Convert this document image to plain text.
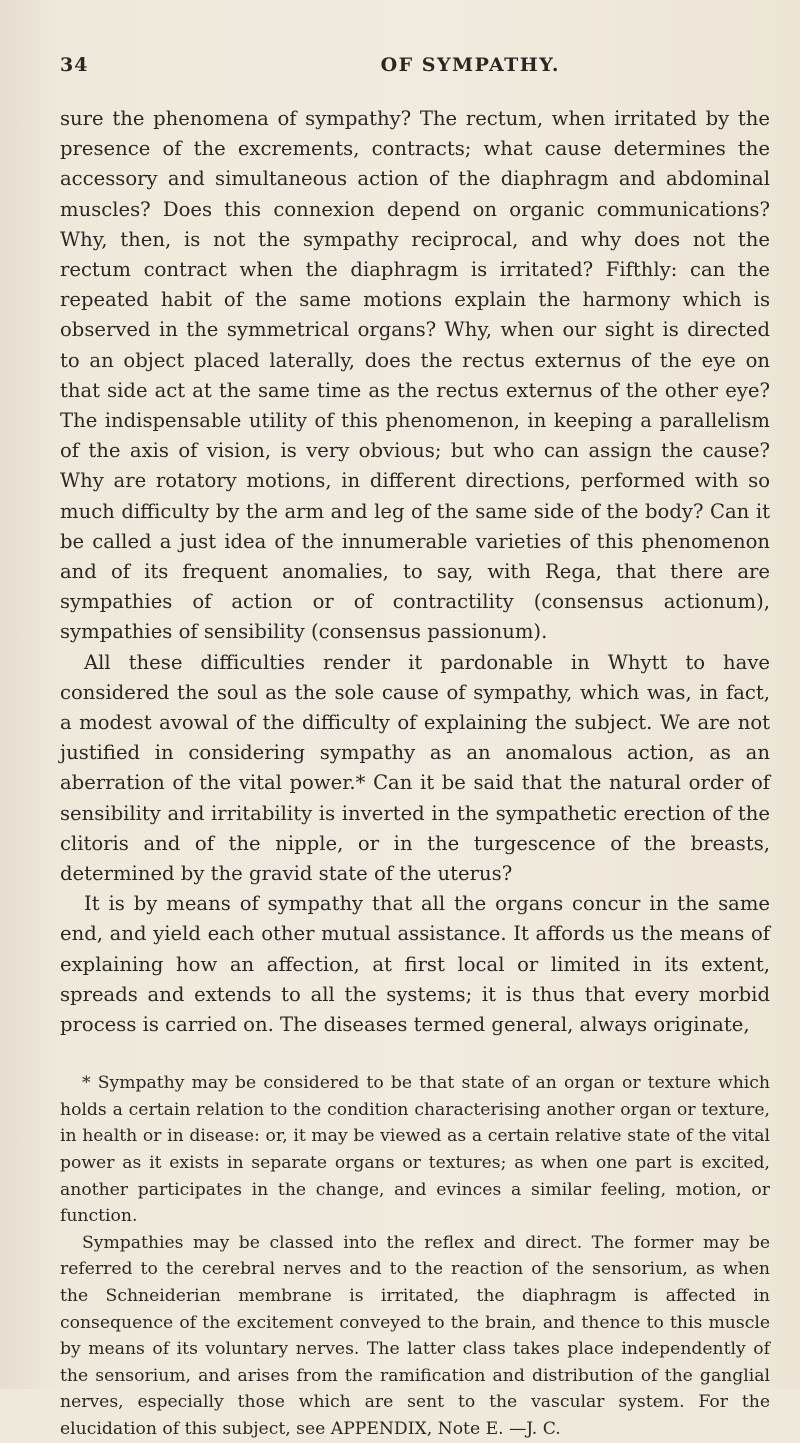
34	OF SYMPATHY.

sure the phenomena of sympathy? The rectum, when irritated by the presence of the excrements, contracts; what cause determines the accessory and simultaneous action of the diaphragm and abdominal muscles? Does this connexion depend on organic communications? Why, then, is not the sympathy reciprocal, and why does not the rectum contract when the diaphragm is irritated? Fifthly: can the repeated habit of the same motions explain the harmony which is observed in the symmetrical organs? Why, when our sight is directed to an object placed laterally, does the rectus externus of the eye on that side act at the same time as the rectus externus of the other eye? The indispensable utility of this phenomenon, in keeping a parallelism of the axis of vision, is very obvious; but who can assign the cause? Why are rotatory motions, in different directions, performed with so much difficulty by the arm and leg of the same side of the body? Can it be called a just idea of the innumerable varieties of this phenomenon and of its frequent anomalies, to say, with Rega, that there are sympathies of action or of contractility (consensus actionum), sympathies of sensibility (consensus passionum).

All these difficulties render it pardonable in Whytt to have considered the soul as the sole cause of sympathy, which was, in fact, a modest avowal of the difficulty of explaining the subject. We are not justified in considering sympathy as an anomalous action, as an aberration of the vital power.* Can it be said that the natural order of sensibility and irritability is inverted in the sympathetic erection of the clitoris and of the nipple, or in the turgescence of the breasts, determined by the gravid state of the uterus?

It is by means of sympathy that all the organs concur in the same end, and yield each other mutual assistance. It affords us the means of explaining how an affection, at first local or limited in its extent, spreads and extends to all the systems; it is thus that every morbid process is carried on. The diseases termed general, always originate,

* Sympathy may be considered to be that state of an organ or texture which holds a certain relation to the condition characterising another organ or texture, in health or in disease: or, it may be viewed as a certain relative state of the vital power as it exists in separate organs or textures; as when one part is excited, another participates in the change, and evinces a similar feeling, motion, or function.

Sympathies may be classed into the reflex and direct. The former may be referred to the cerebral nerves and to the reaction of the sensorium, as when the Schneiderian membrane is irritated, the diaphragm is affected in consequence of the excitement conveyed to the brain, and thence to this muscle by means of its voluntary nerves. The latter class takes place independently of the sensorium, and arises from the ramification and distribution of the ganglial nerves, especially those which are sent to the vascular system. For the elucidation of this subject, see APPENDIX, Note E. —J. C.
